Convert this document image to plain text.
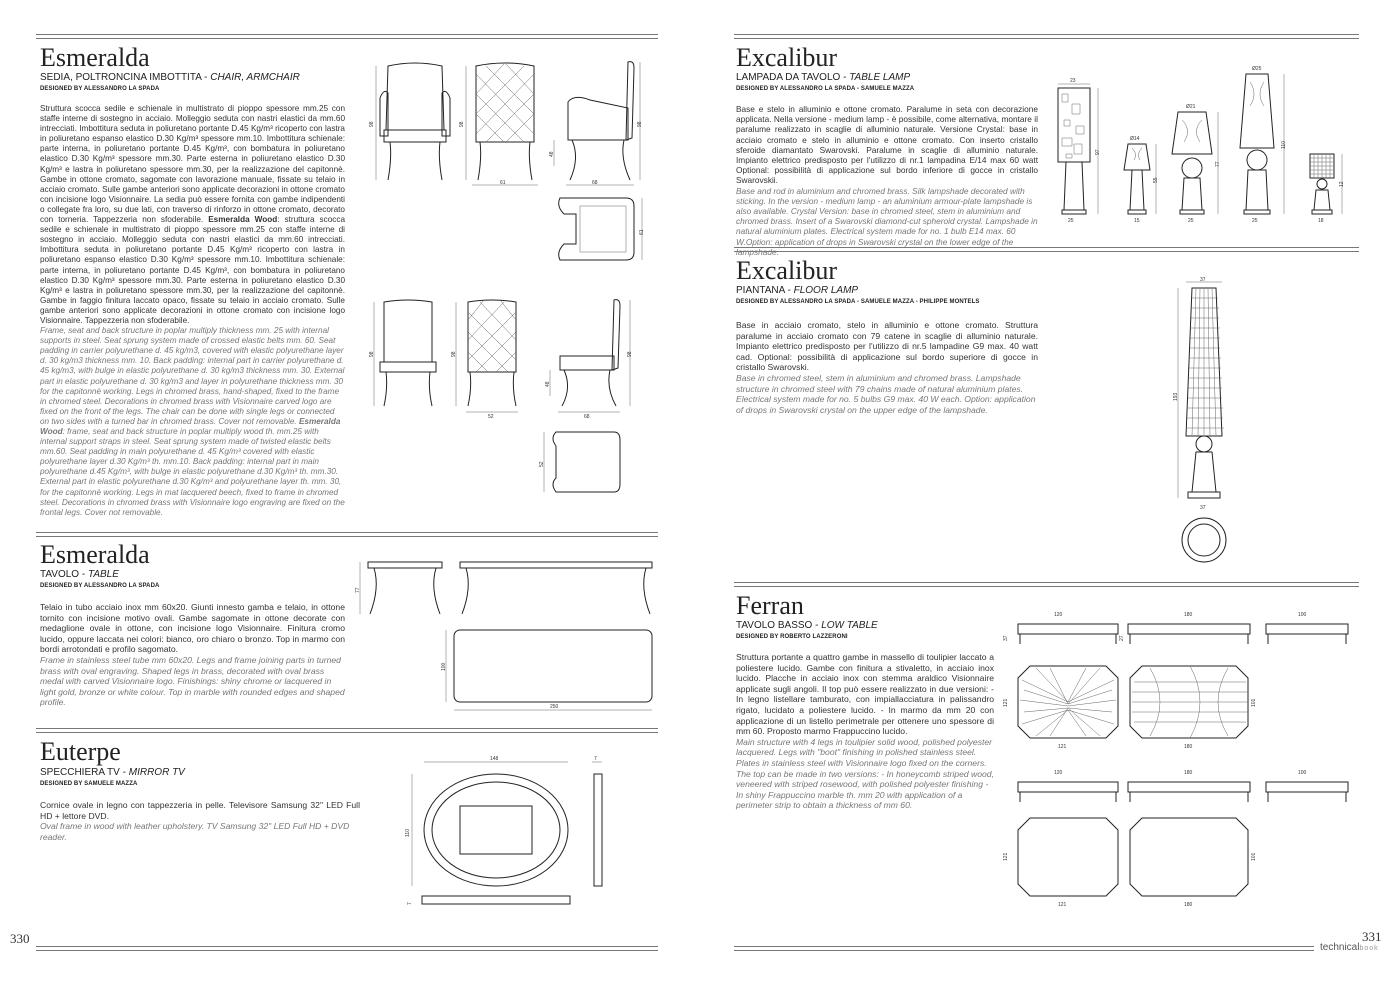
Esmeralda
SEDIA, POLTRONCINA IMBOTTITA - CHAIR, ARMCHAIR
DESIGNED BY ALESSANDRO LA SPADA
Struttura scocca sedile e schienale in multistrato di pioppo spessore mm.25 con staffe interne di sostegno in acciaio. Molleggio seduta con nastri elastici da mm.60 intrecciati. Imbottitura seduta in poliuretano portante D.45 Kg/m³ ricoperto con lastra in poliuretano espanso elastico D.30 Kg/m³ spessore mm.10. Imbottitura schienale: parte interna, in poliuretano portante D.45 Kg/m³, con bombatura in poliuretano elastico D.30 Kg/m³ spessore mm.30. Parte esterna in poliuretano elastico D.30 Kg/m³ e lastra in poliuretano spessore mm.30, per la realizzazione del capitonnè. Gambe in ottone cromato, sagomate con lavorazione manuale, fissate su telaio in acciaio cromato. Sulle gambe anteriori sono applicate decorazioni in ottone cromato con incisione logo Visionnaire. La sedia può essere fornita con gambe indipendenti o collegate fra loro, su due lati, con traverso di rinforzo in ottone cromato, decorato con torneria. Tappezzeria non sfoderabile. Esmeralda Wood: struttura scocca sedile e schienale in multistrato di pioppo spessore mm.25 con staffe interne di sostegno in acciaio. Molleggio seduta con nastri elastici da mm.60 intrecciati. Imbottitura seduta in poliuretano portante D.45 Kg/m³ ricoperto con lastra in poliuretano espanso elastico D.30 Kg/m³ spessore mm.10. Imbottitura schienale: parte interna, in poliuretano portante D.45 Kg/m³, con bombatura in poliuretano elastico D.30 Kg/m³ spessore mm.30. Parte esterna in poliuretano elastico D.30 Kg/m³ e lastra in poliuretano spessore mm.30, per la realizzazione del capitonnè. Gambe in faggio finitura laccato opaco, fissate su telaio in acciaio cromato. Sulle gambe anteriori sono applicate decorazioni in ottone cromato con incisione logo Visionnaire. Tappezzeria non sfoderabile.
Frame, seat and back structure in poplar multiply thickness mm. 25 with internal supports in steel. Seat sprung system made of crossed elastic belts mm. 60. Seat padding in carrier polyurethane d. 45 kg/m3, covered with elastic polyurethane layer d. 30 kg/m3 thickness mm. 10. Back padding: internal part in carrier polyurethane d. 45 kg/m3, with bulge in elastic polyurethane d. 30 kg/m3 thickness mm. 30. External part in elastic polyurethane d. 30 kg/m3 and layer in polyurethane thickness mm. 30 for the capitonnè working. Legs in chromed brass, hand-shaped, fixed to the frame in chromed steel. Decorations in chromed brass with Visionnaire carved logo are fixed on the front of the legs. The chair can be done with single legs or connected on two sides with a turned bar in chromed brass. Cover not removable. Esmeralda Wood: frame, seat and back structure in poplar multiply wood th. mm.25 with internal support straps in steel. Seat sprung system made of twisted elastic belts mm.60. Seat padding in main polyurethane d. 45 Kg/m³ covered with elastic polyurethane layer d.30 Kg/m³ th. mm.10. Back padding: internal part in main polyurethane d.45 Kg/m³, with bulge in elastic polyurethane d.30 Kg/m³ th. mm.30. External part in elastic polyurethane d.30 Kg/m³ and polyurethane layer th. mm. 30, for the capitonnè working. Legs in mat lacquered beech, fixed to frame in chromed steel. Decorations in chromed brass with Visionnaire logo engraving are fixed on the frontal legs. Cover not removable.
98	98
61
98
48
68
61
98	98
52
98
48
68
52
Esmeralda
TAVOLO - TABLE
DESIGNED BY ALESSANDRO LA SPADA
Telaio in tubo acciaio inox mm 60x20. Giunti innesto gamba e telaio, in ottone tornito con incisione motivo ovali. Gambe sagomate in ottone decorate con medaglione ovale in ottone, con incisione logo Visionnaire. Finitura cromo lucido, oppure laccata nei colori: bianco, oro chiaro o bronzo. Top in marmo con bordi arrotondati e profilo sagomato.
Frame in stainless steel tube mm 60x20. Legs and frame joining parts in turned brass with oval engraving. Shaped legs in brass, decorated with oval brass medal with carved Visionnaire logo. Finishings: shiny chrome or lacquered in light gold, bronze or white colour. Top in marble with rounded edges and shaped profile.
77
100
250
Euterpe
SPECCHIERA TV - MIRROR TV
DESIGNED BY SAMUELE MAZZA
Cornice ovale in legno con tappezzeria in pelle. Televisore Samsung 32" LED Full HD + lettore DVD.
Oval frame in wood with leather upholstery. TV Samsung 32" LED Full HD + DVD reader.
148
110
7
7
330
Excalibur
LAMPADA DA TAVOLO - TABLE LAMP
DESIGNED BY ALESSANDRO LA SPADA - SAMUELE MAZZA
Base e stelo in alluminio e ottone cromato. Paralume in seta con decorazione applicata. Nella versione - medium lamp - è possibile, come alternativa, montare il paralume realizzato in scaglie di alluminio naturale. Versione Crystal: base in acciaio cromato e stelo in alluminio e ottone cromato. Con inserto cristallo sferoide diamantato Swarovski. Paralume in scaglie di alluminio naturale. Impianto elettrico predisposto per l'utilizzo di nr.1 lampadina E/14 max 60 watt Optional: possibilità di applicazione sul bordo inferiore di gocce in cristallo Swarovskii.
Base and rod in aluminium and chromed brass. Silk lampshade decorated with sticking. In the version - medium lamp - an aluminium armour-plate lampshade is also available. Crystal Version: base in chromed steel, stem in aluminium and chromed brass. Insert of a Swarovski diamond-cut spheroid crystal. Lampshade in natural aluminium plates. Electrical system made for no. 1 bulb E14 max. 60 W.Option: application of drops in Swarovski crystal on the lower edge of the lampshade.
23
97
25
Ø14
55
15
Ø21
77
25
Ø25
110
25
12
18
Excalibur
PIANTANA - FLOOR LAMP
DESIGNED BY ALESSANDRO LA SPADA - SAMUELE MAZZA - PHILIPPE MONTELS
Base in acciaio cromato, stelo in alluminio e ottone cromato. Struttura paralume in acciaio cromato con 79 catene in scaglie di alluminio naturale. Impianto elettrico predisposto per l'utilizzo di nr.5 lampadine G9 max. 40 watt cad. Optional: possibilità di applicazione sul bordo superiore di gocce in cristallo Swarovski.
Base in chromed steel, stem in aluminium and chromed brass. Lampshade structure in chromed steel with 79 chains made of natural aluminium plates. Electrical system made for no. 5 bulbs G9 max. 40 W each. Option: application of drops in Swarovski crystal on the upper edge of the lampshade.
37
193
37
Ferran
TAVOLO BASSO - LOW TABLE
DESIGNED BY ROBERTO LAZZERONI
Struttura portante a quattro gambe in massello di toulipier laccato a poliestere lucido. Gambe con finitura a stivaletto, in acciaio inox lucido. Placche in acciaio inox con stemma araldico Visionnaire applicate sugli angoli. Il top può essere realizzato in due versioni: - In legno listellare tamburato, con impiallacciatura in palissandro rigato, lucidato a poliestere lucido. - In marmo da mm 20 con applicazione di un listello perimetrale per ottenere uno spessore di mm 60. Proposto marmo Frappuccino lucido.
Main structure with 4 legs in toulipier solid wood, polished polyester lacquered. Legs with "boot" finishing in polished stainless steel. Plates in stainless steel with Visionnaire logo fixed on the corners. The top can be made in two versions: - In honeycomb striped wood, veneered with striped rosewood, with polished polyester finishing - In shiny Frappuccino marble th. mm 20 with application of a perimeter strip to obtain a thickness of mm 60.
120
37	27
180	100
121
121
101
180
120	180	100
121
121
101
180
331
technicalbook
